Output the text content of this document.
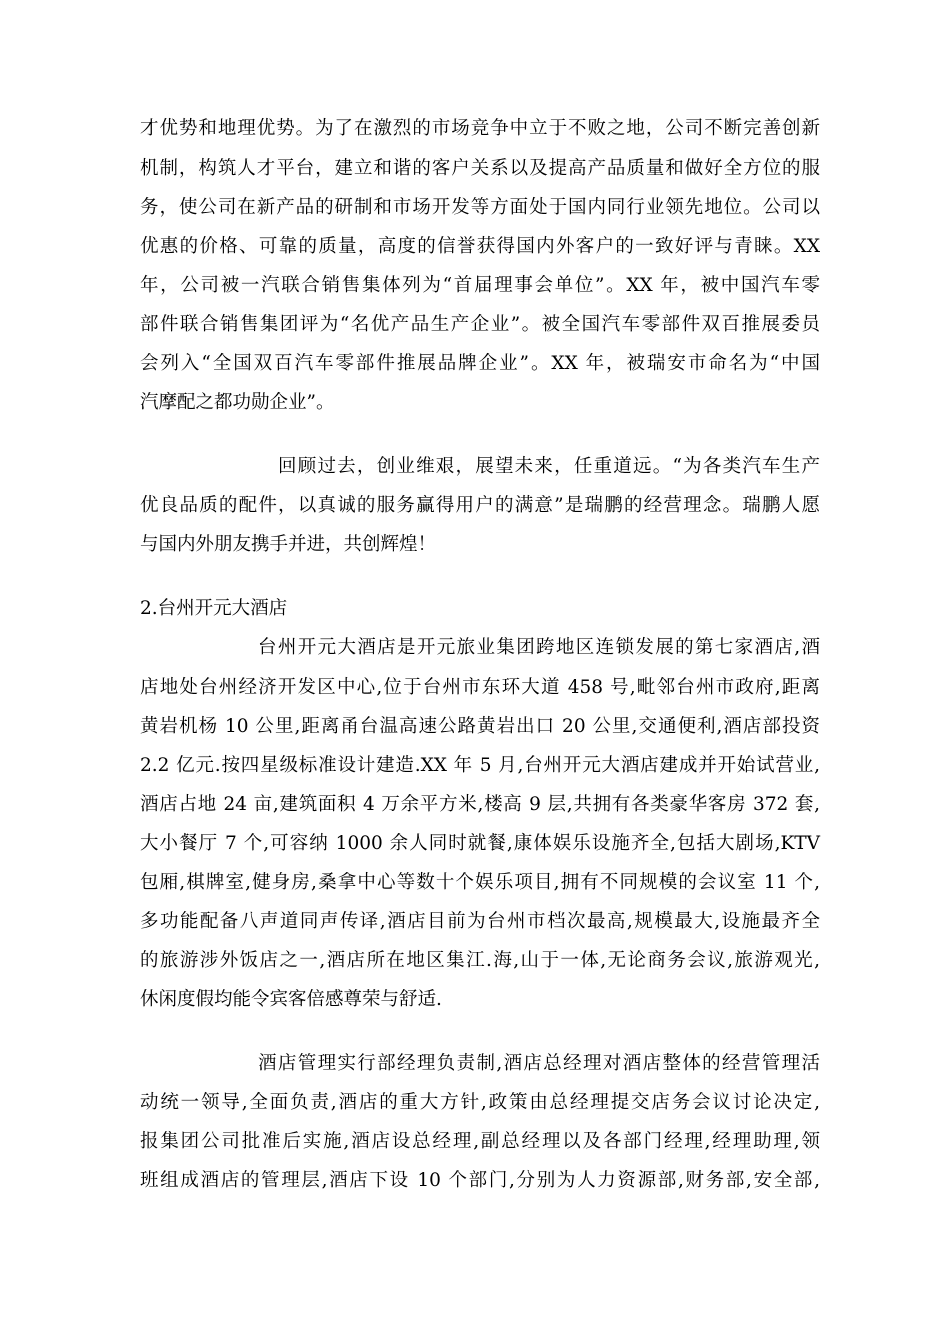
才优势和地理优势。为了在激烈的市场竞争中立于不败之地，公司不断完善创新
机制，构筑人才平台，建立和谐的客户关系以及提高产品质量和做好全方位的服
务，使公司在新产品的研制和市场开发等方面处于国内同行业领先地位。公司以
优惠的价格、可靠的质量，高度的信誉获得国内外客户的一致好评与青睐。XX
年，公司被一汽联合销售集体列为“首届理事会单位”。XX 年，被中国汽车零
部件联合销售集团评为“名优产品生产企业”。被全国汽车零部件双百推展委员
会列入“全国双百汽车零部件推展品牌企业”。XX 年，被瑞安市命名为“中国
汽摩配之都功勋企业”。
回顾过去，创业维艰，展望未来，任重道远。“为各类汽车生产
优良品质的配件，以真诚的服务赢得用户的满意”是瑞鹏的经营理念。瑞鹏人愿
与国内外朋友携手并进，共创辉煌！
2.台州开元大酒店
台州开元大酒店是开元旅业集团跨地区连锁发展的第七家酒店,酒
店地处台州经济开发区中心,位于台州市东环大道 458 号,毗邻台州市政府,距离
黄岩机杨 10 公里,距离甬台温高速公路黄岩出口 20 公里,交通便利,酒店部投资
2.2 亿元.按四星级标准设计建造.XX 年 5 月,台州开元大酒店建成并开始试营业,
酒店占地 24 亩,建筑面积 4 万余平方米,楼高 9 层,共拥有各类豪华客房 372 套,
大小餐厅 7 个,可容纳 1000 余人同时就餐,康体娱乐设施齐全,包括大剧场,KTV
包厢,棋牌室,健身房,桑拿中心等数十个娱乐项目,拥有不同规模的会议室 11 个,
多功能配备八声道同声传译,酒店目前为台州市档次最高,规模最大,设施最齐全
的旅游涉外饭店之一,酒店所在地区集江.海,山于一体,无论商务会议,旅游观光,
休闲度假均能令宾客倍感尊荣与舒适.
酒店管理实行部经理负责制,酒店总经理对酒店整体的经营管理活
动统一领导,全面负责,酒店的重大方针,政策由总经理提交店务会议讨论决定,
报集团公司批准后实施,酒店设总经理,副总经理以及各部门经理,经理助理,领
班组成酒店的管理层,酒店下设 10 个部门,分别为人力资源部,财务部,安全部,
